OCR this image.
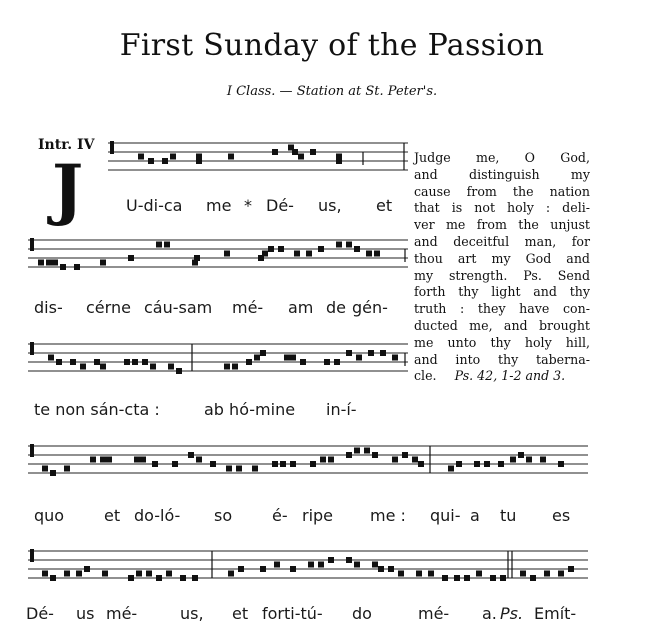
First Sunday of the Passion
I Class. — Station at St. Peter's.
Intr. IV
J	U-di-ca me * Dé- us, et
dis- cérne cáu-sam mé- am de gén-
te non sán-cta :	ab hó-mine in-í-
quo et do-ló- so é- ripe me : qui- a tu es
Dé- us mé-	us, et forti-tú- do	mé- a. Ps. Emít-
Judge me, O God,
and distinguish my
cause from the nation
that is not holy : deli-
ver me from the unjust
and deceitful man, for
thou art my God and
my strength. Ps. Send
forth thy light and thy
truth : they have con-
ducted me, and brought
me unto thy holy hill,
and into thy taberna-
cle. Ps. 42, 1-2 and 3.
